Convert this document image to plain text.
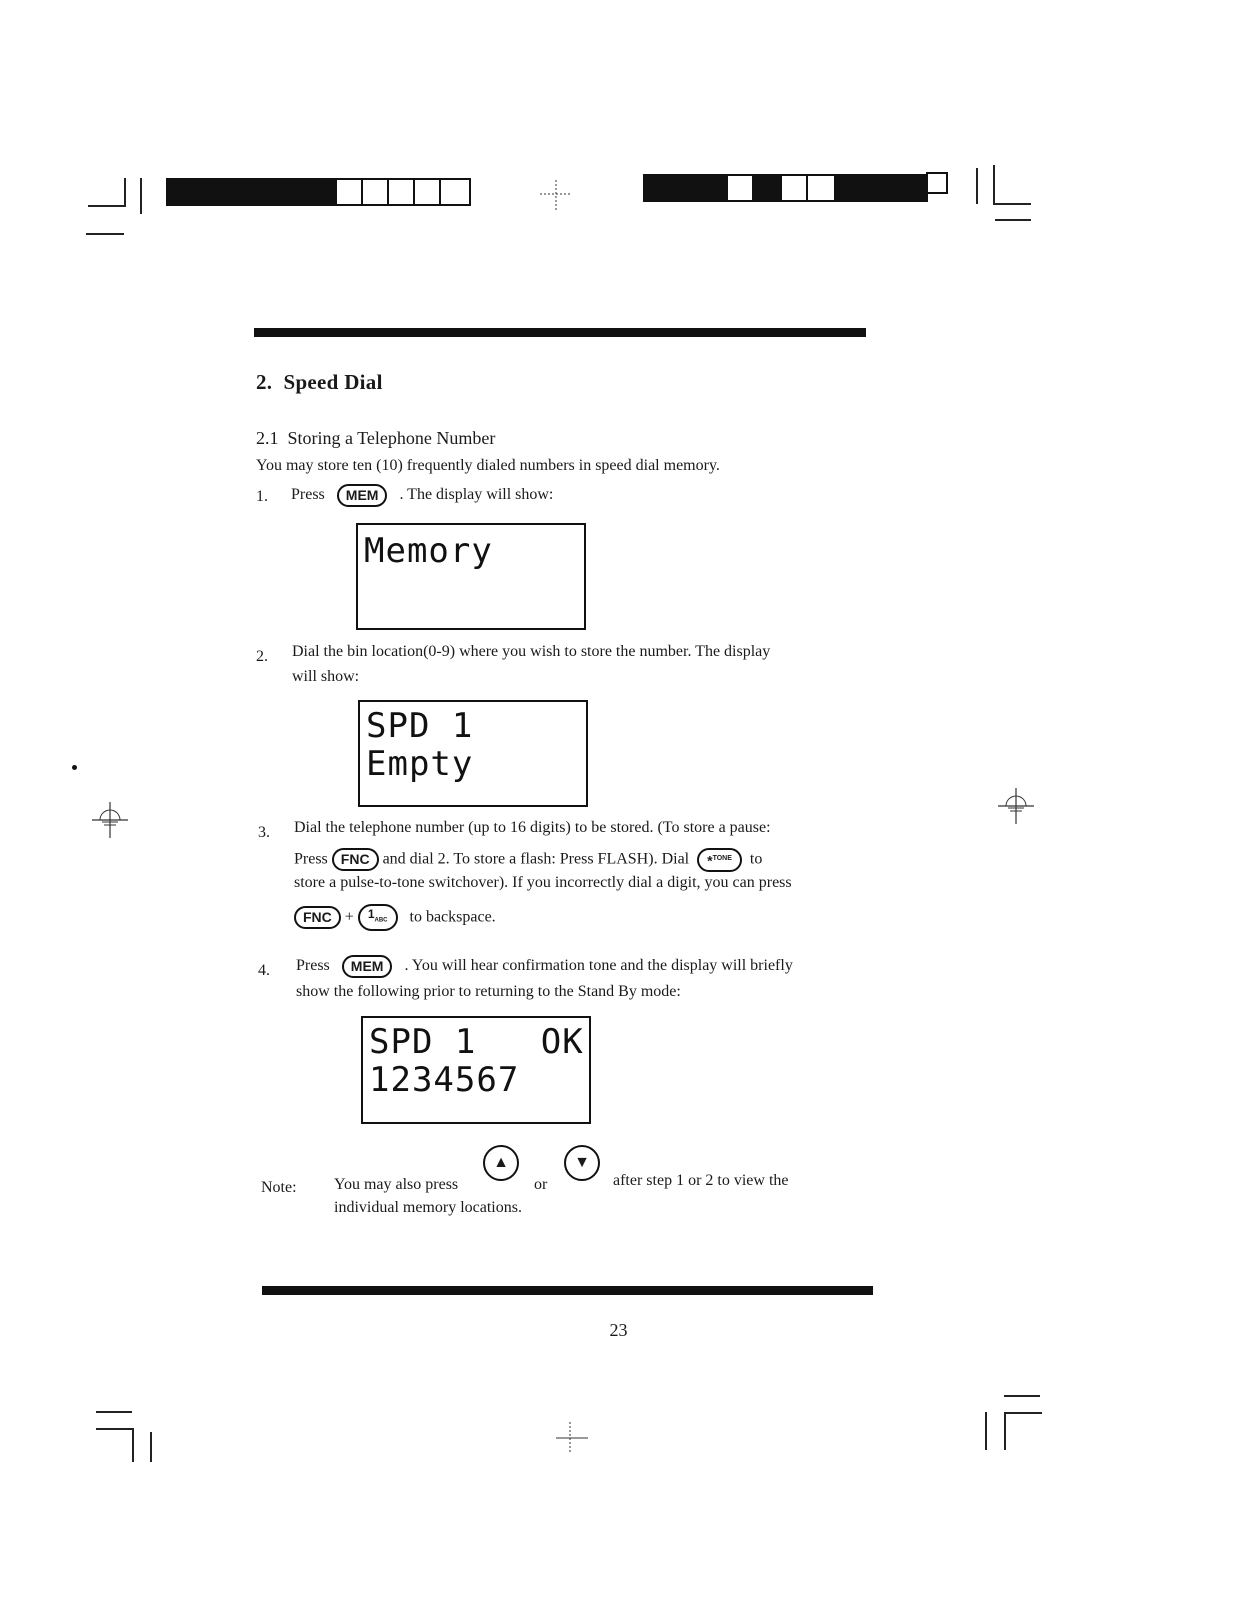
2. Speed Dial
2.1 Storing a Telephone Number
You may store ten (10) frequently dialed numbers in speed dial memory.
1. Press MEM . The display will show:
Memory
2. Dial the bin location(0-9) where you wish to store the number. The display
will show:
SPD 1
Empty
3. Dial the telephone number (up to 16 digits) to be stored. (To store a pause:
Press FNC and dial 2. To store a flash: Press FLASH). Dial *$^{TONE}$ to
store a pulse-to-tone switchover). If you incorrectly dial a digit, you can press
FNC + $1_{ABC}$ to backspace.
4. Press MEM . You will hear confirmation tone and the display will briefly
show the following prior to returning to the Stand By mode:
SPD 1   OK
1234567
Note: You may also press
▲
or
▼
after step 1 or 2 to view the
individual memory locations.
23
